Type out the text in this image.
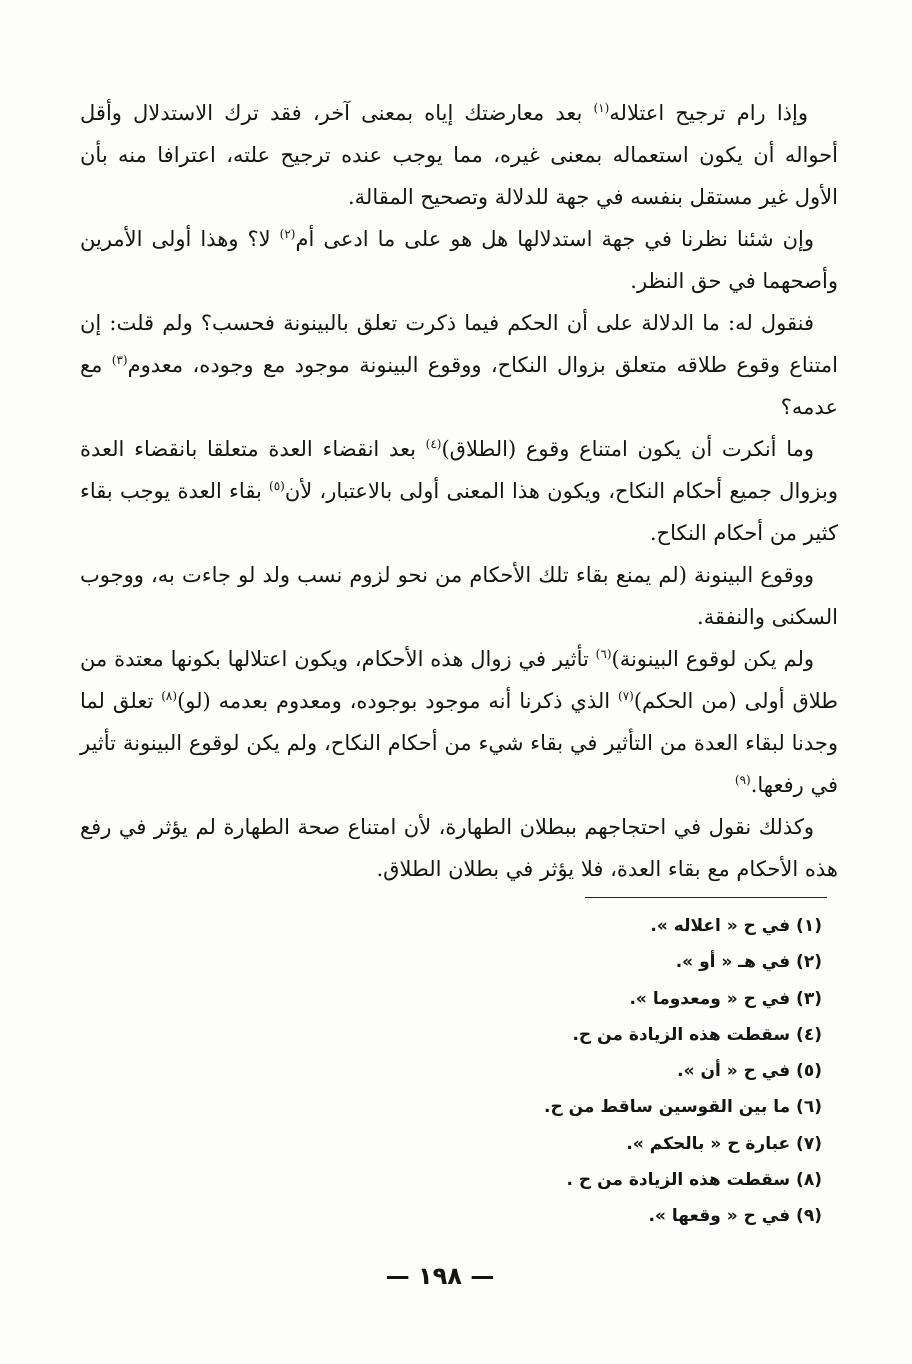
وإذا رام ترجيح اعتلاله$^{(١)}$ بعد معارضتك إياه بمعنى آخر، فقد ترك الاستدلال وأقل أحواله أن يكون استعماله بمعنى غيره، مما يوجب عنده ترجيح علته، اعترافا منه بأن الأول غير مستقل بنفسه في جهة للدلالة وتصحيح المقالة.

وإن شئنا نظرنا في جهة استدلالها هل هو على ما ادعى أم$^{(٢)}$ لا؟ وهذا أولى الأمرين وأصحهما في حق النظر.

فنقول له: ما الدلالة على أن الحكم فيما ذكرت تعلق بالبينونة فحسب؟ ولم قلت: إن امتناع وقوع طلاقه متعلق بزوال النكاح، ووقوع البينونة موجود مع وجوده، معدوم$^{(٣)}$ مع عدمه؟

وما أنكرت أن يكون امتناع وقوع (الطلاق)$^{(٤)}$ بعد انقضاء العدة متعلقا بانقضاء العدة وبزوال جميع أحكام النكاح، ويكون هذا المعنى أولى بالاعتبار، لأن$^{(٥)}$ بقاء العدة يوجب بقاء كثير من أحكام النكاح.

ووقوع البينونة (لم يمنع بقاء تلك الأحكام من نحو لزوم نسب ولد لو جاءت به، ووجوب السكنى والنفقة.

ولم يكن لوقوع البينونة)$^{(٦)}$ تأثير في زوال هذه الأحكام، ويكون اعتلالها بكونها معتدة من طلاق أولى (من الحكم)$^{(٧)}$ الذي ذكرنا أنه موجود بوجوده، ومعدوم بعدمه (لو)$^{(٨)}$ تعلق لما وجدنا لبقاء العدة من التأثير في بقاء شيء من أحكام النكاح، ولم يكن لوقوع البينونة تأثير في رفعها.$^{(٩)}$

وكذلك نقول في احتجاجهم ببطلان الطهارة، لأن امتناع صحة الطهارة لم يؤثر في رفع هذه الأحكام مع بقاء العدة، فلا يؤثر في بطلان الطلاق.

(١) في ح « اعلاله ».

(٢) في هـ « أو ».

(٣) في ح « ومعدوما ».

(٤) سقطت هذه الزيادة من ح.

(٥) في ح « أن ».

(٦) ما بين القوسين ساقط من ح.

(٧) عبارة ح « بالحكم ».

(٨) سقطت هذه الزيادة من ح .

(٩) في ح « وقعها ».

— ١٩٨ —
